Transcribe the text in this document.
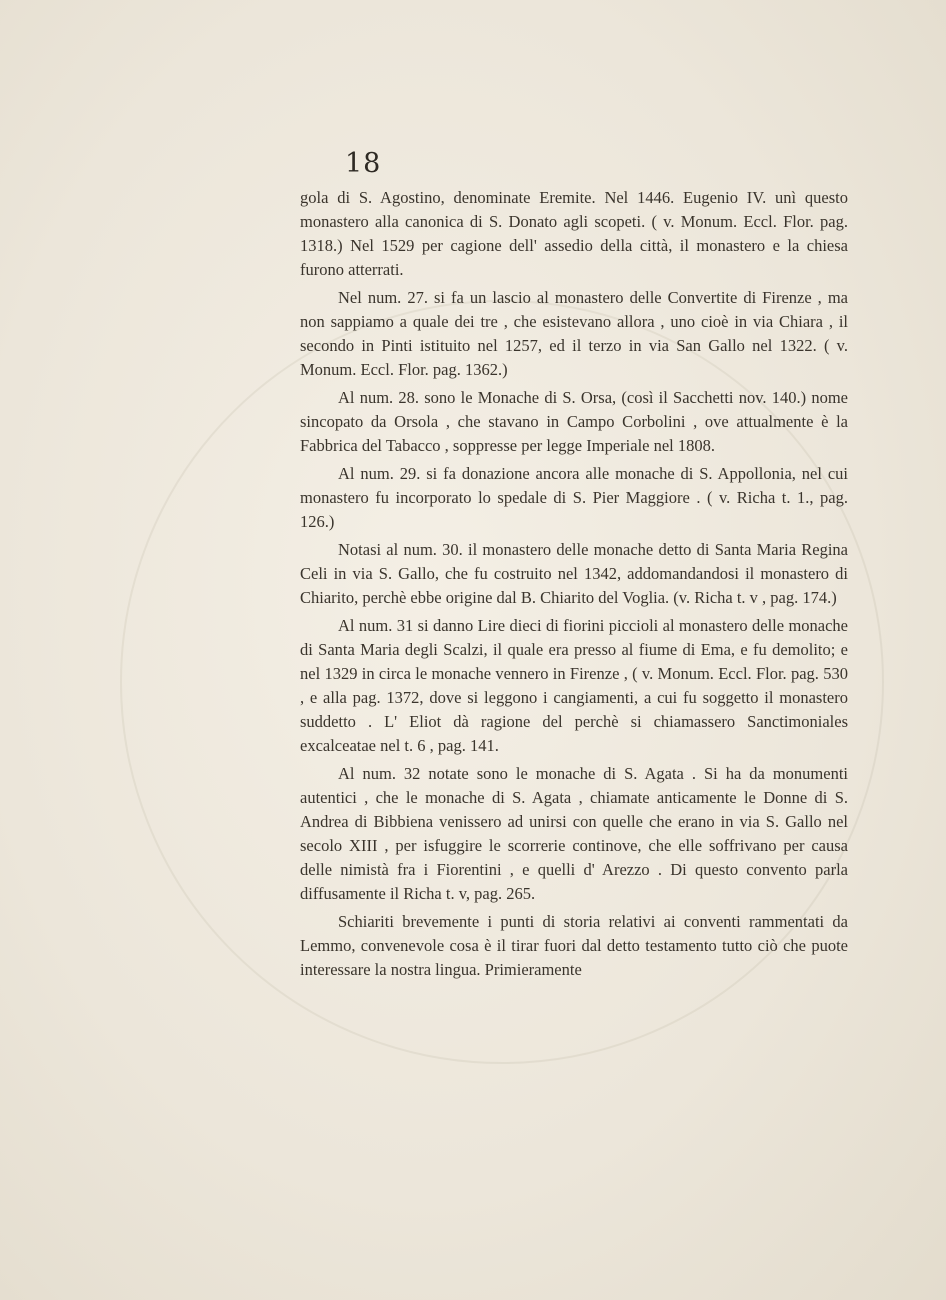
18

gola di S. Agostino, denominate Eremite. Nel 1446. Eugenio IV. unì questo monastero alla canonica di S. Donato agli scopeti. ( v. Monum. Eccl. Flor. pag. 1318.) Nel 1529 per cagione dell' assedio della città, il monastero e la chiesa furono atterrati.

Nel num. 27. si fa un lascio al monastero delle Convertite di Firenze , ma non sappiamo a quale dei tre , che esistevano allora , uno cioè in via Chiara , il secondo in Pinti istituito nel 1257, ed il terzo in via San Gallo nel 1322. ( v. Monum. Eccl. Flor. pag. 1362.)

Al num. 28. sono le Monache di S. Orsa, (così il Sacchetti nov. 140.) nome sincopato da Orsola , che stavano in Campo Corbolini , ove attualmente è la Fabbrica del Tabacco , soppresse per legge Imperiale nel 1808.

Al num. 29. si fa donazione ancora alle monache di S. Appollonia, nel cui monastero fu incorporato lo spedale di S. Pier Maggiore . ( v. Richa t. 1., pag. 126.)

Notasi al num. 30. il monastero delle monache detto di Santa Maria Regina Celi in via S. Gallo, che fu costruito nel 1342, addomandandosi il monastero di Chiarito, perchè ebbe origine dal B. Chiarito del Voglia. (v. Richa t. v , pag. 174.)

Al num. 31 si danno Lire dieci di fiorini piccioli al monastero delle monache di Santa Maria degli Scalzi, il quale era presso al fiume di Ema, e fu demolito; e nel 1329 in circa le monache vennero in Firenze , ( v. Monum. Eccl. Flor. pag. 530 , e alla pag. 1372, dove si leggono i cangiamenti, a cui fu soggetto il monastero suddetto . L' Eliot dà ragione del perchè si chiamassero Sanctimoniales excalceatae nel t. 6 , pag. 141.

Al num. 32 notate sono le monache di S. Agata . Si ha da monumenti autentici , che le monache di S. Agata , chiamate anticamente le Donne di S. Andrea di Bibbiena venissero ad unirsi con quelle che erano in via S. Gallo nel secolo XIII , per isfuggire le scorrerie continove, che elle soffrivano per causa delle nimistà fra i Fiorentini , e quelli d' Arezzo . Di questo convento parla diffusamente il Richa t. v, pag. 265.

Schiariti brevemente i punti di storia relativi ai conventi rammentati da Lemmo, convenevole cosa è il tirar fuori dal detto testamento tutto ciò che puote interessare la nostra lingua. Primieramente
